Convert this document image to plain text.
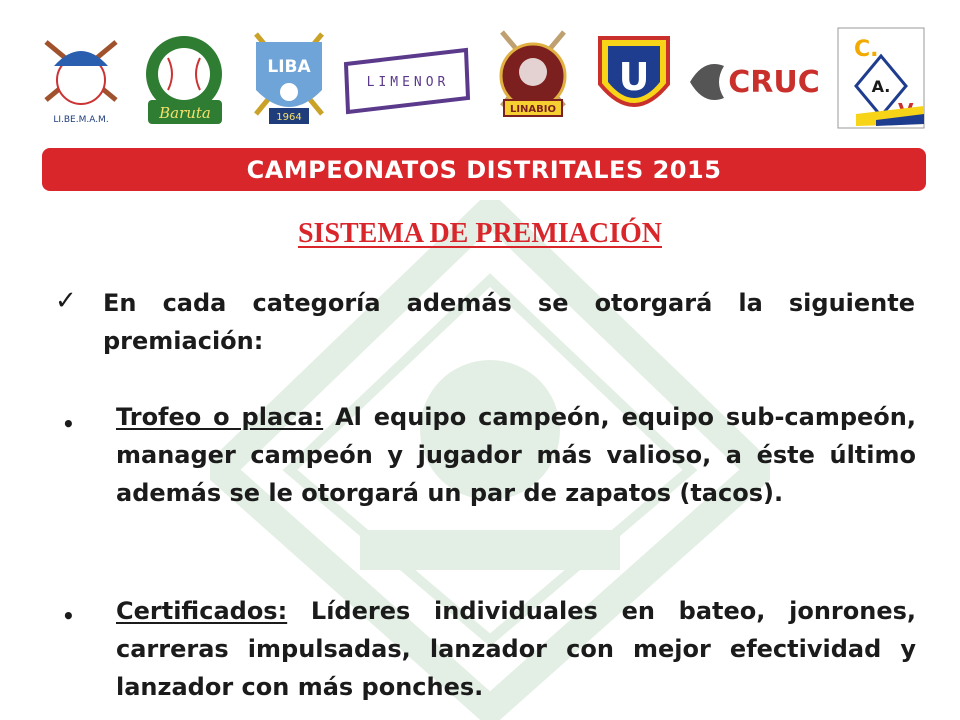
LI.BE.M.A.M.	Baruta
LIBA
1964
LIMENOR
LINABIO
U	CRUC
C.
A.
CAMPEONATOS DISTRITALES 2015
SISTEMA DE PREMIACIÓN
✓ En cada categoría además se otorgará la siguiente premiación:
• Trofeo o placa: Al equipo campeón, equipo sub-campeón, manager campeón y jugador más valioso, a éste último además se le otorgará un par de zapatos (tacos).
• Certificados: Líderes individuales en bateo, jonrones, carreras impulsadas, lanzador con mejor efectividad y lanzador con más ponches.
